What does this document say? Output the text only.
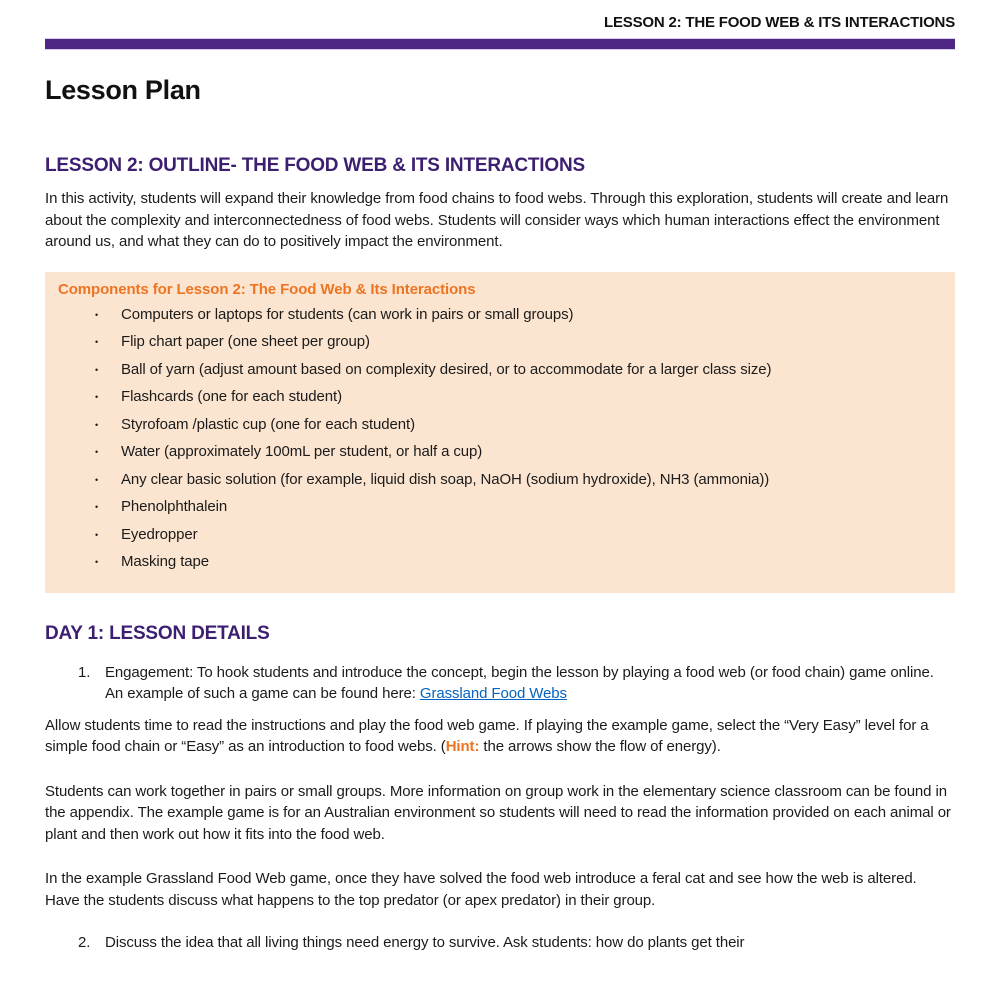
LESSON 2: THE FOOD WEB & ITS INTERACTIONS
Lesson Plan
LESSON 2: OUTLINE- THE FOOD WEB & ITS INTERACTIONS

In this activity, students will expand their knowledge from food chains to food webs. Through this exploration, students will create and learn about the complexity and interconnectedness of food webs. Students will consider ways which human interactions effect the environment around us, and what they can do to positively impact the environment.

Components for Lesson 2: The Food Web & Its Interactions
•	Computers or laptops for students (can work in pairs or small groups)
•	Flip chart paper (one sheet per group)
•	Ball of yarn (adjust amount based on complexity desired, or to accommodate for a larger class size)
•	Flashcards (one for each student)
•	Styrofoam /plastic cup (one for each student)
•	Water (approximately 100mL per student, or half a cup)
•	Any clear basic solution (for example, liquid dish soap, NaOH (sodium hydroxide), NH3 (ammonia))
•	Phenolphthalein
•	Eyedropper
•	Masking tape
DAY 1: LESSON DETAILS
1. Engagement: To hook students and introduce the concept, begin the lesson by playing a food web (or food chain) game online. An example of such a game can be found here: Grassland Food Webs

Allow students time to read the instructions and play the food web game. If playing the example game, select the “Very Easy” level for a simple food chain or “Easy” as an introduction to food webs. (Hint: the arrows show the flow of energy).

Students can work together in pairs or small groups. More information on group work in the elementary science classroom can be found in the appendix. The example game is for an Australian environment so students will need to read the information provided on each animal or plant and then work out how it fits into the food web.

In the example Grassland Food Web game, once they have solved the food web introduce a feral cat and see how the web is altered. Have the students discuss what happens to the top predator (or apex predator) in their group.

2. Discuss the idea that all living things need energy to survive. Ask students: how do plants get their
